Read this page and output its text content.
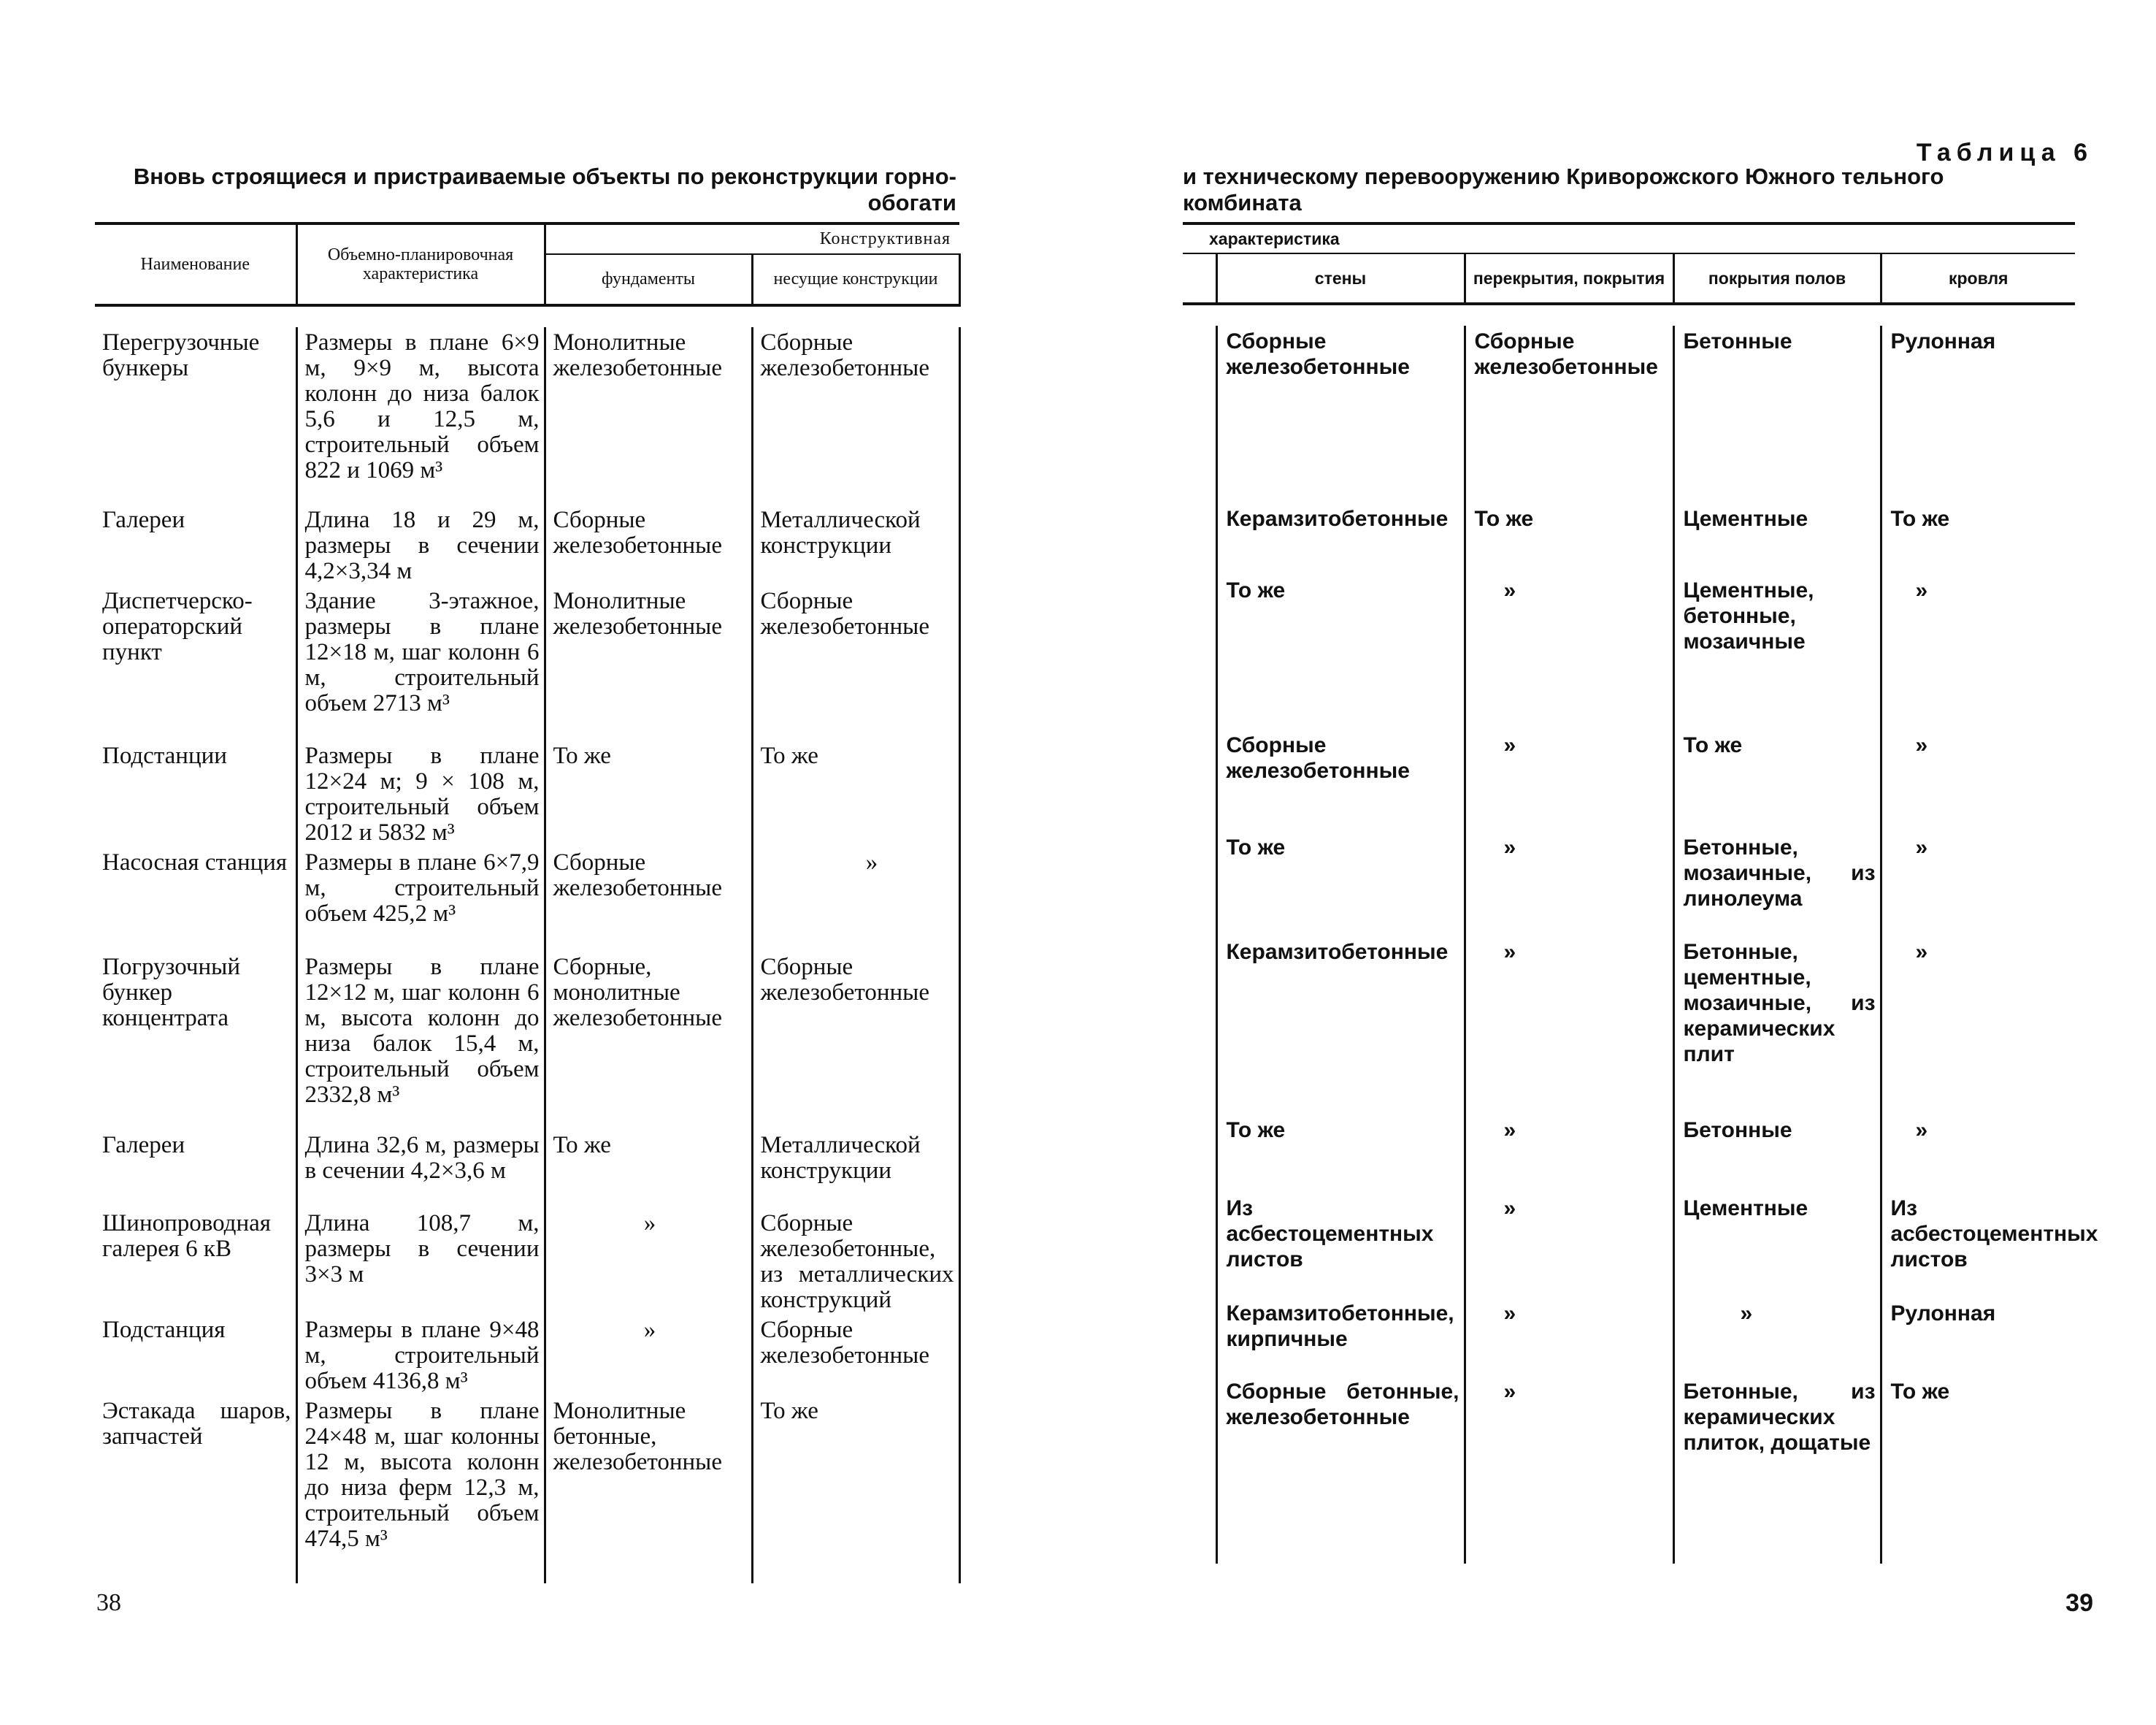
Вновь строящиеся и пристраиваемые объекты по реконструкции горно-обогати
Наименование	Объемно-планировочная характеристика	Конструктивная	
		фундаменты	несущие конструкции

Перегрузочные бункеры	Размеры в плане 6×9 м, 9×9 м, высота колонн до низа балок 5,6 и 12,5 м, строительный объем 822 и 1069 м³	Монолитные железобетонные	Сборные железобетонные
Галереи	Длина 18 и 29 м, размеры в сечении 4,2×3,34 м	Сборные железобетонные	Металлической конструкции
Диспетчерско-операторский пункт	Здание 3-этажное, размеры в плане 12×18 м, шаг колонн 6 м, строительный объем 2713 м³	Монолитные железобетонные	Сборные железобетонные
Подстанции	Размеры в плане 12×24 м; 9 × 108 м, строительный объем 2012 и 5832 м³	То же	То же
Насосная станция	Размеры в плане 6×7,9 м, строительный объем 425,2 м³	Сборные железобетонные	»
Погрузочный бункер концентрата	Размеры в плане 12×12 м, шаг колонн 6 м, высота колонн до низа балок 15,4 м, строительный объем 2332,8 м³	Сборные, монолитные железобетонные	Сборные железобетонные
Галереи	Длина 32,6 м, размеры в сечении 4,2×3,6 м	То же	Металлической конструкции
Шинопроводная галерея 6 кВ	Длина 108,7 м, размеры в сечении 3×3 м	»	Сборные железобетонные, из металлических конструкций
Подстанция	Размеры в плане 9×48 м, строительный объем 4136,8 м³	»	Сборные железобетонные
Эстакада шаров, запчастей	Размеры в плане 24×48 м, шаг колонны 12 м, высота колонн до низа ферм 12,3 м, строительный объем 474,5 м³	Монолитные бетонные, железобетонные	То же
38
Таблица 6
и техническому перевооружению Криворожского Южного тельного комбината
характеристика				
	стены	перекрытия, покрытия	покрытия полов	кровля

	Сборные железобетонные	Сборные железобетонные	Бетонные	Рулонная
	Керамзитобетонные	То же	Цементные	То же
	То же	»	Цементные, бетонные, мозаичные	»
	Сборные железобетонные	»	То же	»
	То же	»	Бетонные, мозаичные, из линолеума	»
	Керамзитобетонные	»	Бетонные, цементные, мозаичные, из керамических плит	»
	То же	»	Бетонные	»
	Из асбестоцементных листов	»	Цементные	Из асбестоцементных листов
	Керамзитобетонные, кирпичные	»	»	Рулонная
	Сборные бетонные, железобетонные	»	Бетонные, из керамических плиток, дощатые	То же
39
